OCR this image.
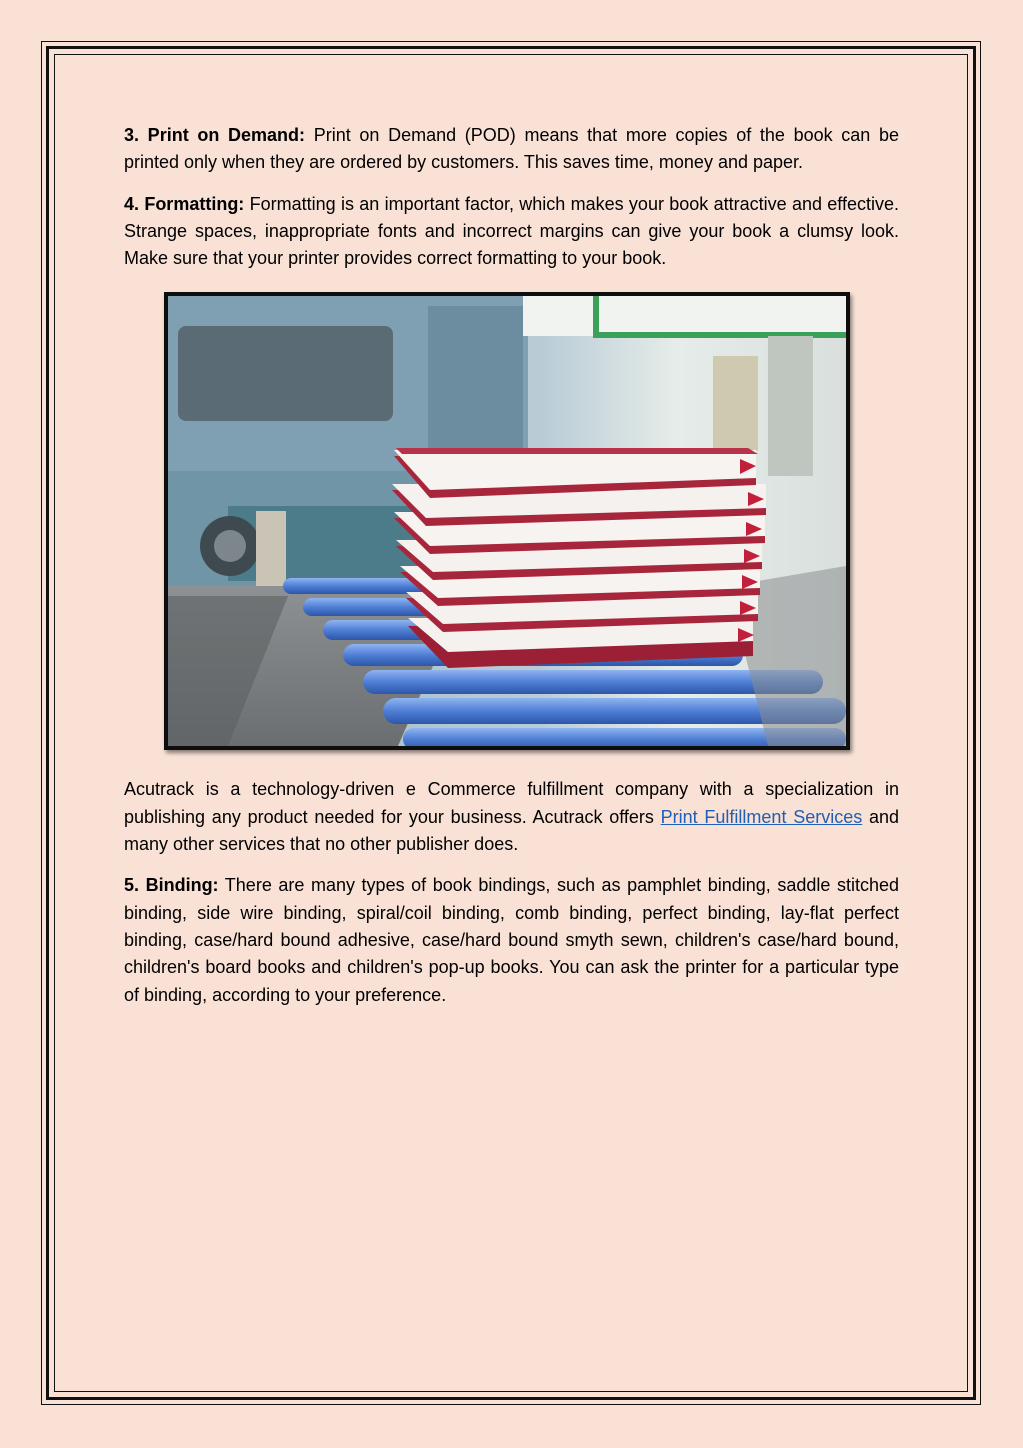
3. Print on Demand: Print on Demand (POD) means that more copies of the book can be printed only when they are ordered by customers. This saves time, money and paper.

4. Formatting: Formatting is an important factor, which makes your book attractive and effective. Strange spaces, inappropriate fonts and incorrect margins can give your book a clumsy look. Make sure that your printer provides correct formatting to your book.

Acutrack is a technology-driven e Commerce fulfillment company with a specialization in publishing any product needed for your business. Acutrack offers Print Fulfillment Services and many other services that no other publisher does.

5. Binding: There are many types of book bindings, such as pamphlet binding, saddle stitched binding, side wire binding, spiral/coil binding, comb binding, perfect binding, lay-flat perfect binding, case/hard bound adhesive, case/hard bound smyth sewn, children's case/hard bound, children's board books and children's pop-up books. You can ask the printer for a particular type of binding, according to your preference.
